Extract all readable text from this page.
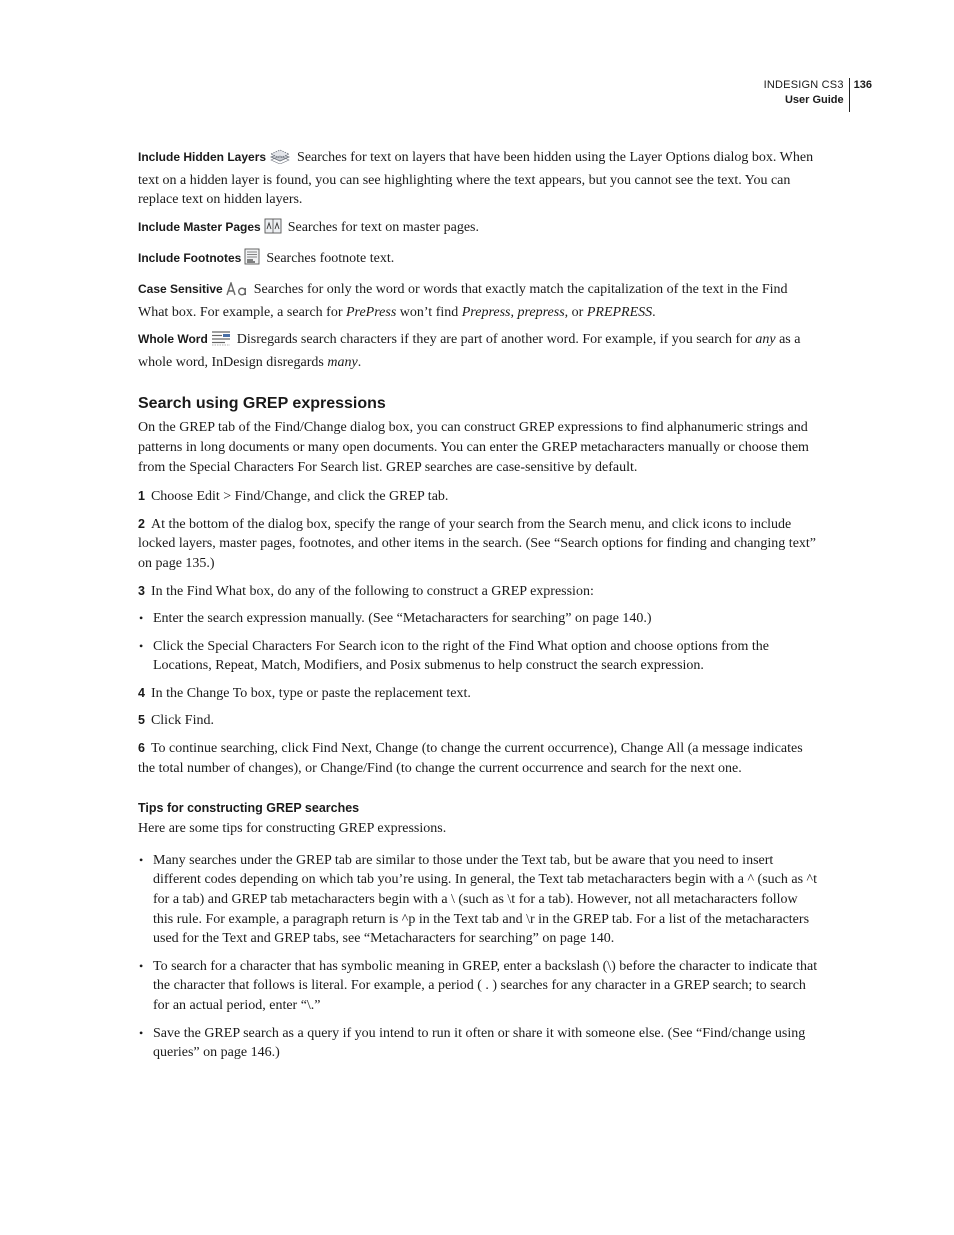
INDESIGN CS3
User Guide
136

Include Hidden Layers Searches for text on layers that have been hidden using the Layer Options dialog box. When text on a hidden layer is found, you can see highlighting where the text appears, but you cannot see the text. You can replace text on hidden layers.

Include Master Pages Searches for text on master pages.

Include Footnotes Searches footnote text.

Case Sensitive Searches for only the word or words that exactly match the capitalization of the text in the Find What box. For example, a search for PrePress won’t find Prepress, prepress, or PREPRESS.

Whole Word Disregards search characters if they are part of another word. For example, if you search for any as a whole word, InDesign disregards many.

Search using GREP expressions

On the GREP tab of the Find/Change dialog box, you can construct GREP expressions to find alphanumeric strings and patterns in long documents or many open documents. You can enter the GREP metacharacters manually or choose them from the Special Characters For Search list. GREP searches are case-sensitive by default.

1 Choose Edit > Find/Change, and click the GREP tab.

2 At the bottom of the dialog box, specify the range of your search from the Search menu, and click icons to include locked layers, master pages, footnotes, and other items in the search. (See “Search options for finding and changing text” on page 135.)

3 In the Find What box, do any of the following to construct a GREP expression:

• Enter the search expression manually. (See “Metacharacters for searching” on page 140.)

• Click the Special Characters For Search icon to the right of the Find What option and choose options from the Locations, Repeat, Match, Modifiers, and Posix submenus to help construct the search expression.

4 In the Change To box, type or paste the replacement text.

5 Click Find.

6 To continue searching, click Find Next, Change (to change the current occurrence), Change All (a message indicates the total number of changes), or Change/Find (to change the current occurrence and search for the next one.

Tips for constructing GREP searches

Here are some tips for constructing GREP expressions.

• Many searches under the GREP tab are similar to those under the Text tab, but be aware that you need to insert different codes depending on which tab you’re using. In general, the Text tab metacharacters begin with a ^ (such as ^t for a tab) and GREP tab metacharacters begin with a \ (such as \t for a tab). However, not all metacharacters follow this rule. For example, a paragraph return is ^p in the Text tab and \r in the GREP tab. For a list of the metacharacters used for the Text and GREP tabs, see “Metacharacters for searching” on page 140.

• To search for a character that has symbolic meaning in GREP, enter a backslash (\) before the character to indicate that the character that follows is literal. For example, a period ( . ) searches for any character in a GREP search; to search for an actual period, enter “\.”

• Save the GREP search as a query if you intend to run it often or share it with someone else. (See “Find/change using queries” on page 146.)
